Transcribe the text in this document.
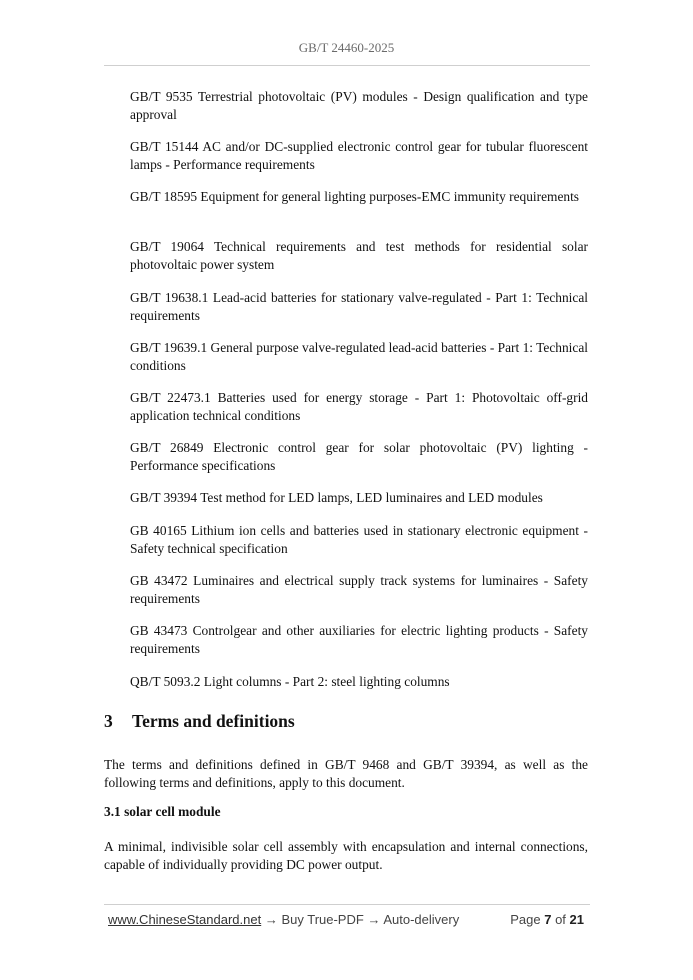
GB/T 24460-2025
GB/T 9535 Terrestrial photovoltaic (PV) modules - Design qualification and type approval
GB/T 15144 AC and/or DC-supplied electronic control gear for tubular fluorescent lamps - Performance requirements
GB/T 18595 Equipment for general lighting purposes-EMC immunity requirements
GB/T 19064 Technical requirements and test methods for residential solar photovoltaic power system
GB/T 19638.1 Lead-acid batteries for stationary valve-regulated - Part 1: Technical requirements
GB/T 19639.1 General purpose valve-regulated lead-acid batteries - Part 1: Technical conditions
GB/T 22473.1 Batteries used for energy storage - Part 1: Photovoltaic off-grid application technical conditions
GB/T 26849 Electronic control gear for solar photovoltaic (PV) lighting - Performance specifications
GB/T 39394 Test method for LED lamps, LED luminaires and LED modules
GB 40165 Lithium ion cells and batteries used in stationary electronic equipment - Safety technical specification
GB 43472 Luminaires and electrical supply track systems for luminaires - Safety requirements
GB 43473 Controlgear and other auxiliaries for electric lighting products - Safety requirements
QB/T 5093.2 Light columns - Part 2: steel lighting columns
3 Terms and definitions
The terms and definitions defined in GB/T 9468 and GB/T 39394, as well as the following terms and definitions, apply to this document.
3.1 solar cell module
A minimal, indivisible solar cell assembly with encapsulation and internal connections, capable of individually providing DC power output.
www.ChineseStandard.net → Buy True-PDF → Auto-delivery	Page 7 of 21
